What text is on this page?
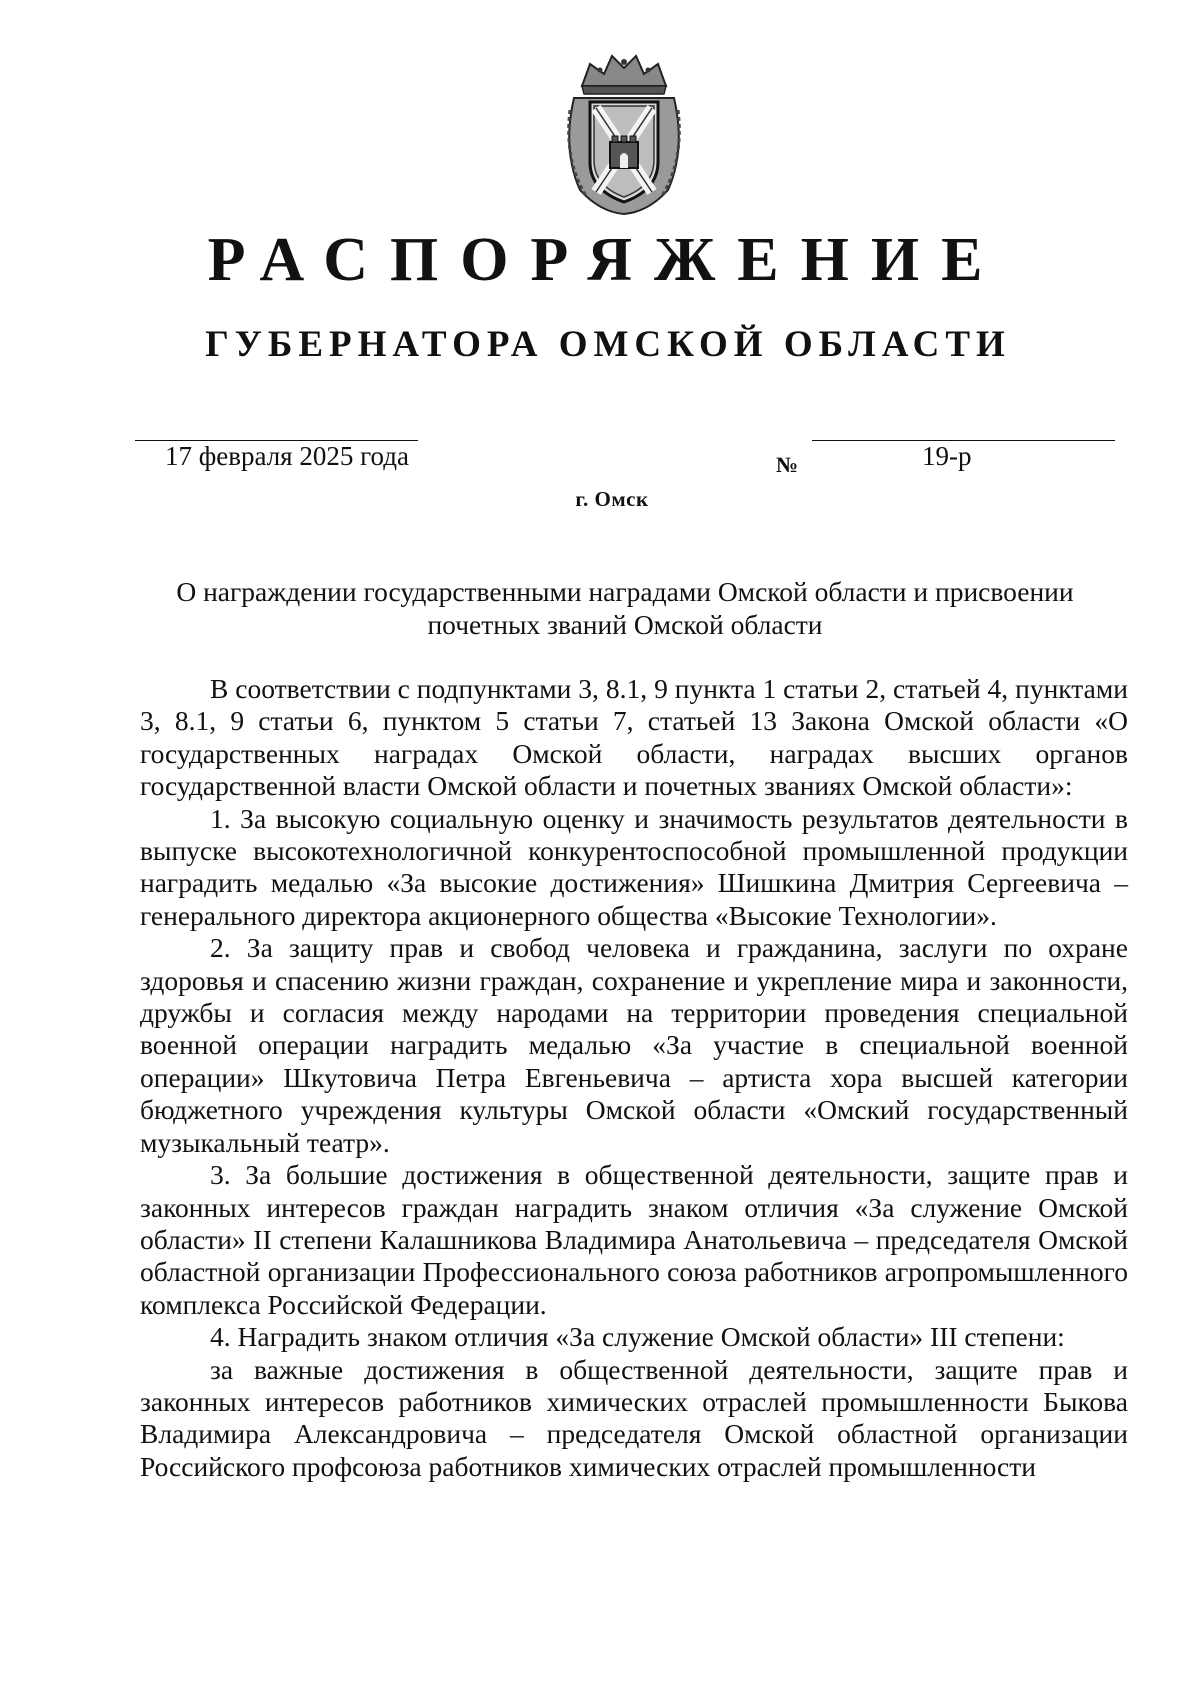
РАСПОРЯЖЕНИЕ
ГУБЕРНАТОРА ОМСКОЙ ОБЛАСТИ
17 февраля 2025 года	№	19-р
г. Омск
О награждении государственными наградами Омской области и присвоении почетных званий Омской области

В соответствии с подпунктами 3, 8.1, 9 пункта 1 статьи 2, статьей 4, пунктами 3, 8.1, 9 статьи 6, пунктом 5 статьи 7, статьей 13 Закона Омской области «О государственных наградах Омской области, наградах высших органов государственной власти Омской области и почетных званиях Омской области»:

1. За высокую социальную оценку и значимость результатов деятельности в выпуске высокотехнологичной конкурентоспособной промышленной продукции наградить медалью «За высокие достижения» Шишкина Дмитрия Сергеевича – генерального директора акционерного общества «Высокие Технологии».

2. За защиту прав и свобод человека и гражданина, заслуги по охране здоровья и спасению жизни граждан, сохранение и укрепление мира и законности, дружбы и согласия между народами на территории проведения специальной военной операции наградить медалью «За участие в специальной военной операции» Шкутовича Петра Евгеньевича – артиста хора высшей категории бюджетного учреждения культуры Омской области «Омский государственный музыкальный театр».

3. За большие достижения в общественной деятельности, защите прав и законных интересов граждан наградить знаком отличия «За служение Омской области» II степени Калашникова Владимира Анатольевича – председателя Омской областной организации Профессионального союза работников агропромышленного комплекса Российской Федерации.

4. Наградить знаком отличия «За служение Омской области» III степени:

за важные достижения в общественной деятельности, защите прав и законных интересов работников химических отраслей промышленности Быкова Владимира Александровича – председателя Омской областной организации Российского профсоюза работников химических отраслей промышленности
